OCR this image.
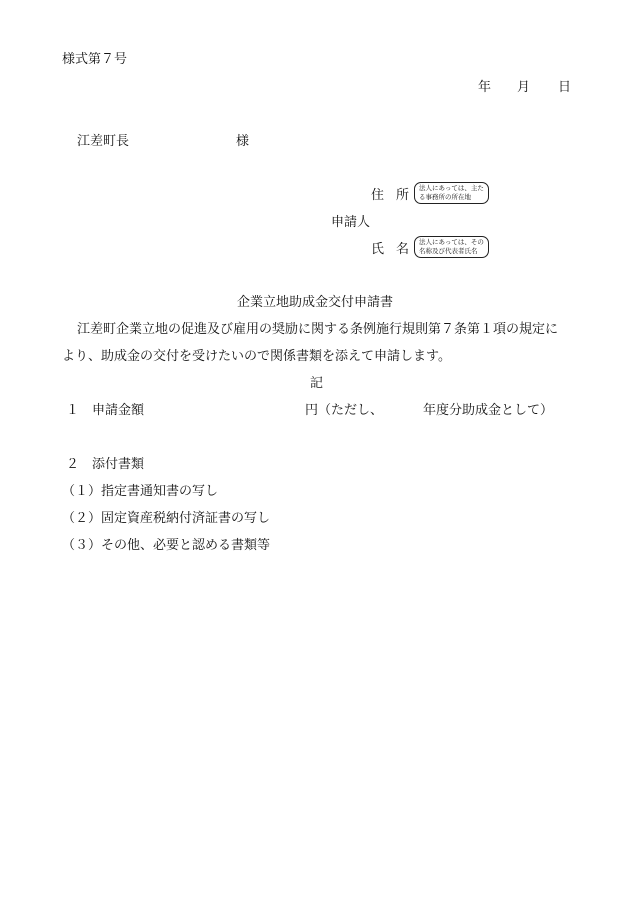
様式第７号
年 月 日
江差町長	様
住 所 法人にあっては、主た
る事務所の所在地
申請人
氏 名 法人にあっては、その
名称及び代表者氏名
企業立地助成金交付申請書
江差町企業立地の促進及び雇用の奨励に関する条例施行規則第７条第１項の規定に
より、助成金の交付を受けたいので関係書類を添えて申請します。
記
１ 申請金額	円（ただし、	年度分助成金として）
２ 添付書類
（１）指定書通知書の写し
（２）固定資産税納付済証書の写し
（３）その他、必要と認める書類等
